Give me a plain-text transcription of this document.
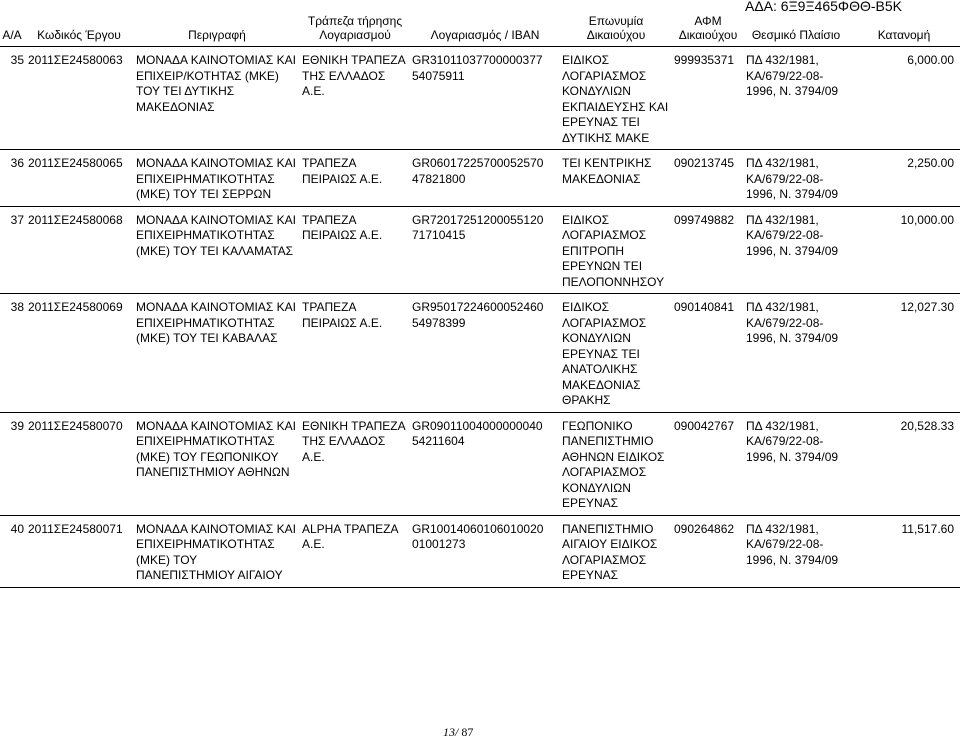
ΑΔΑ: 6Ξ9Ξ465ΦΘΘ-Β5Κ
Α/Α	Κωδικός Έργου	Περιγραφή	Τράπεζα τήρησης Λογαριασμού	Λογαριασμός / IBAN	Επωνυμία Δικαιούχου	ΑΦΜ Δικαιούχου	Θεσμικό Πλαίσιο	Κατανομή
35	2011ΣΕ24580063	ΜΟΝΑΔΑ ΚΑΙΝΟΤΟΜΙΑΣ ΚΑΙ ΕΠΙΧΕΙΡ/ΚΟΤΗΤΑΣ (ΜΚΕ) ΤΟΥ ΤΕΙ ΔΥΤΙΚΗΣ ΜΑΚΕΔΟΝΙΑΣ	ΕΘΝΙΚΗ ΤΡΑΠΕΖΑ ΤΗΣ ΕΛΛΑΔΟΣ Α.Ε.	GR31011037700000377 54075911	ΕΙΔΙΚΟΣ ΛΟΓΑΡΙΑΣΜΟΣ ΚΟΝΔΥΛΙΩΝ ΕΚΠΑΙΔΕΥΣΗΣ ΚΑΙ ΕΡΕΥΝΑΣ ΤΕΙ ΔΥΤΙΚΗΣ ΜΑΚΕ	999935371	ΠΔ 432/1981, ΚΑ/679/22-08-1996, Ν. 3794/09	6,000.00
36	2011ΣΕ24580065	ΜΟΝΑΔΑ ΚΑΙΝΟΤΟΜΙΑΣ ΚΑΙ ΕΠΙΧΕΙΡΗΜΑΤΙΚΟΤΗΤΑΣ (ΜΚΕ) ΤΟΥ ΤΕΙ ΣΕΡΡΩΝ	ΤΡΑΠΕΖΑ ΠΕΙΡΑΙΩΣ Α.Ε.	GR06017225700052570 47821800	ΤΕΙ ΚΕΝΤΡΙΚΗΣ ΜΑΚΕΔΟΝΙΑΣ	090213745	ΠΔ 432/1981, ΚΑ/679/22-08-1996, Ν. 3794/09	2,250.00
37	2011ΣΕ24580068	ΜΟΝΑΔΑ ΚΑΙΝΟΤΟΜΙΑΣ ΚΑΙ ΕΠΙΧΕΙΡΗΜΑΤΙΚΟΤΗΤΑΣ (ΜΚΕ) ΤΟΥ ΤΕΙ ΚΑΛΑΜΑΤΑΣ	ΤΡΑΠΕΖΑ ΠΕΙΡΑΙΩΣ Α.Ε.	GR72017251200055120 71710415	ΕΙΔΙΚΟΣ ΛΟΓΑΡΙΑΣΜΟΣ ΕΠΙΤΡΟΠΗ ΕΡΕΥΝΩΝ ΤΕΙ ΠΕΛΟΠΟΝΝΗΣΟΥ	099749882	ΠΔ 432/1981, ΚΑ/679/22-08-1996, Ν. 3794/09	10,000.00
38	2011ΣΕ24580069	ΜΟΝΑΔΑ ΚΑΙΝΟΤΟΜΙΑΣ ΚΑΙ ΕΠΙΧΕΙΡΗΜΑΤΙΚΟΤΗΤΑΣ (ΜΚΕ) ΤΟΥ ΤΕΙ ΚΑΒΑΛΑΣ	ΤΡΑΠΕΖΑ ΠΕΙΡΑΙΩΣ Α.Ε.	GR95017224600052460 54978399	ΕΙΔΙΚΟΣ ΛΟΓΑΡΙΑΣΜΟΣ ΚΟΝΔΥΛΙΩΝ ΕΡΕΥΝΑΣ ΤΕΙ ΑΝΑΤΟΛΙΚΗΣ ΜΑΚΕΔΟΝΙΑΣ ΘΡΑΚΗΣ	090140841	ΠΔ 432/1981, ΚΑ/679/22-08-1996, Ν. 3794/09	12,027.30
39	2011ΣΕ24580070	ΜΟΝΑΔΑ ΚΑΙΝΟΤΟΜΙΑΣ ΚΑΙ ΕΠΙΧΕΙΡΗΜΑΤΙΚΟΤΗΤΑΣ (ΜΚΕ) ΤΟΥ ΓΕΩΠΟΝΙΚΟΥ ΠΑΝΕΠΙΣΤΗΜΙΟΥ ΑΘΗΝΩΝ	ΕΘΝΙΚΗ ΤΡΑΠΕΖΑ ΤΗΣ ΕΛΛΑΔΟΣ Α.Ε.	GR09011004000000040 54211604	ΓΕΩΠΟΝΙΚΟ ΠΑΝΕΠΙΣΤΗΜΙΟ ΑΘΗΝΩΝ ΕΙΔΙΚΟΣ ΛΟΓΑΡΙΑΣΜΟΣ ΚΟΝΔΥΛΙΩΝ ΕΡΕΥΝΑΣ	090042767	ΠΔ 432/1981, ΚΑ/679/22-08-1996, Ν. 3794/09	20,528.33
40	2011ΣΕ24580071	ΜΟΝΑΔΑ ΚΑΙΝΟΤΟΜΙΑΣ ΚΑΙ ΕΠΙΧΕΙΡΗΜΑΤΙΚΟΤΗΤΑΣ (ΜΚΕ) ΤΟΥ ΠΑΝΕΠΙΣΤΗΜΙΟΥ ΑΙΓΑΙΟΥ	ALPHA ΤΡΑΠΕΖΑ Α.Ε.	GR10014060106010020 01001273	ΠΑΝΕΠΙΣΤΗΜΙΟ ΑΙΓΑΙΟΥ ΕΙΔΙΚΟΣ ΛΟΓΑΡΙΑΣΜΟΣ ΕΡΕΥΝΑΣ	090264862	ΠΔ 432/1981, ΚΑ/679/22-08-1996, Ν. 3794/09	11,517.60
13/ 87
